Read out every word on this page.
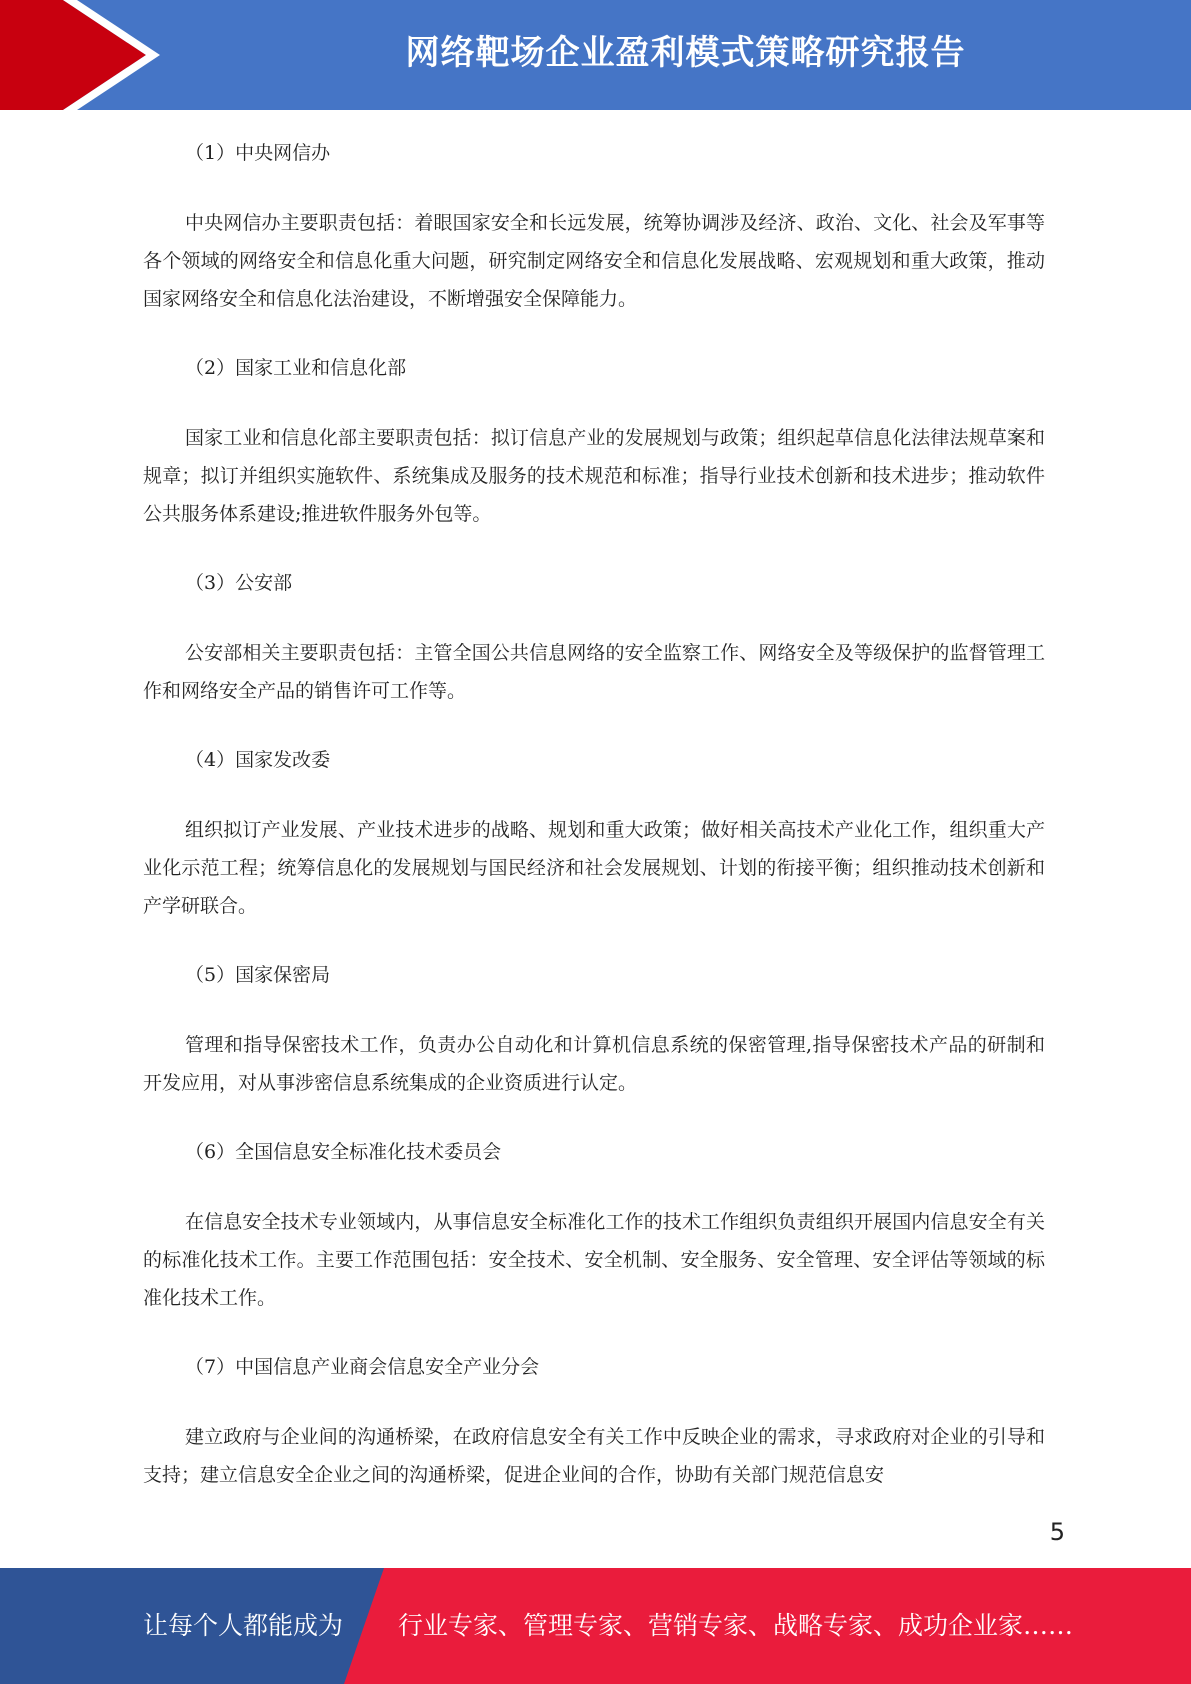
网络靶场企业盈利模式策略研究报告

（1）中央网信办

中央网信办主要职责包括：着眼国家安全和长远发展，统筹协调涉及经济、政治、文化、社会及军事等各个领域的网络安全和信息化重大问题，研究制定网络安全和信息化发展战略、宏观规划和重大政策，推动国家网络安全和信息化法治建设，不断增强安全保障能力。

（2）国家工业和信息化部

国家工业和信息化部主要职责包括：拟订信息产业的发展规划与政策；组织起草信息化法律法规草案和规章；拟订并组织实施软件、系统集成及服务的技术规范和标准；指导行业技术创新和技术进步；推动软件公共服务体系建设;推进软件服务外包等。

（3）公安部

公安部相关主要职责包括：主管全国公共信息网络的安全监察工作、网络安全及等级保护的监督管理工作和网络安全产品的销售许可工作等。

（4）国家发改委

组织拟订产业发展、产业技术进步的战略、规划和重大政策；做好相关高技术产业化工作，组织重大产业化示范工程；统筹信息化的发展规划与国民经济和社会发展规划、计划的衔接平衡；组织推动技术创新和产学研联合。

（5）国家保密局

管理和指导保密技术工作，负责办公自动化和计算机信息系统的保密管理,指导保密技术产品的研制和开发应用，对从事涉密信息系统集成的企业资质进行认定。

（6）全国信息安全标准化技术委员会

在信息安全技术专业领域内，从事信息安全标准化工作的技术工作组织负责组织开展国内信息安全有关的标准化技术工作。主要工作范围包括：安全技术、安全机制、安全服务、安全管理、安全评估等领域的标准化技术工作。

（7）中国信息产业商会信息安全产业分会

建立政府与企业间的沟通桥梁，在政府信息安全有关工作中反映企业的需求，寻求政府对企业的引导和支持；建立信息安全企业之间的沟通桥梁，促进企业间的合作，协助有关部门规范信息安

5
让每个人都能成为 行业专家、管理专家、营销专家、战略专家、成功企业家……
